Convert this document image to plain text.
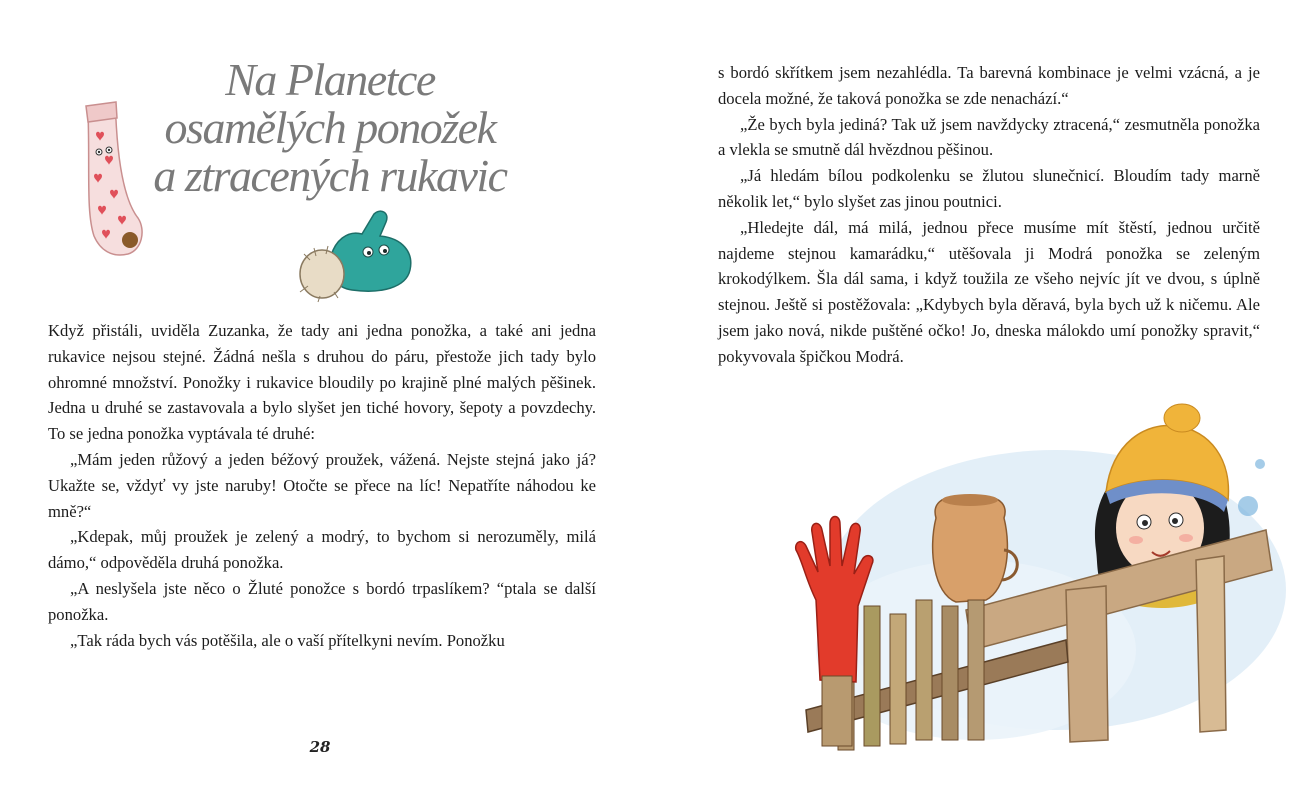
Na Planetce
osamělých ponožek
a ztracených rukavic

Když přistáli, uviděla Zuzanka, že tady ani jedna ponožka, a také ani jedna rukavice nejsou stejné. Žádná nešla s druhou do páru, přestože jich tady bylo ohromné množství. Ponožky i rukavice bloudily po krajině plné malých pěšinek. Jedna u druhé se zastavovala a bylo slyšet jen tiché hovory, šepoty a povzdechy. To se jedna ponožka vyptávala té druhé:

„Mám jeden růžový a jeden béžový proužek, vážená. Nejste stejná jako já? Ukažte se, vždyť vy jste naruby! Otočte se přece na líc! Nepatříte náhodou ke mně?“

„Kdepak, můj proužek je zelený a modrý, to bychom si nerozuměly, milá dámo,“ odpověděla druhá ponožka.

„A neslyšela jste něco o Žluté ponožce s bordó trpaslíkem? “ptala se další ponožka.

„Tak ráda bych vás potěšila, ale o vaší přítelkyni nevím. Ponožku

28

s bordó skřítkem jsem nezahlédla. Ta barevná kombinace je velmi vzácná, a je docela možné, že taková ponožka se zde nenachází.“

„Že bych byla jediná? Tak už jsem navždycky ztracená,“ zesmutněla ponožka a vlekla se smutně dál hvězdnou pěšinou.

„Já hledám bílou podkolenku se žlutou slunečnicí. Bloudím tady marně několik let,“ bylo slyšet zas jinou poutnici.

„Hledejte dál, má milá, jednou přece musíme mít štěstí, jednou určitě najdeme stejnou kamarádku,“ utěšovala ji Modrá ponožka se zeleným krokodýlkem. Šla dál sama, i když toužila ze všeho nejvíc jít ve dvou, s úplně stejnou. Ještě si postěžovala: „Kdybych byla děravá, byla bych už k ničemu. Ale jsem jako nová, nikde puštěné očko! Jo, dneska málokdo umí ponožky spravit,“ pokyvovala špičkou Modrá.
